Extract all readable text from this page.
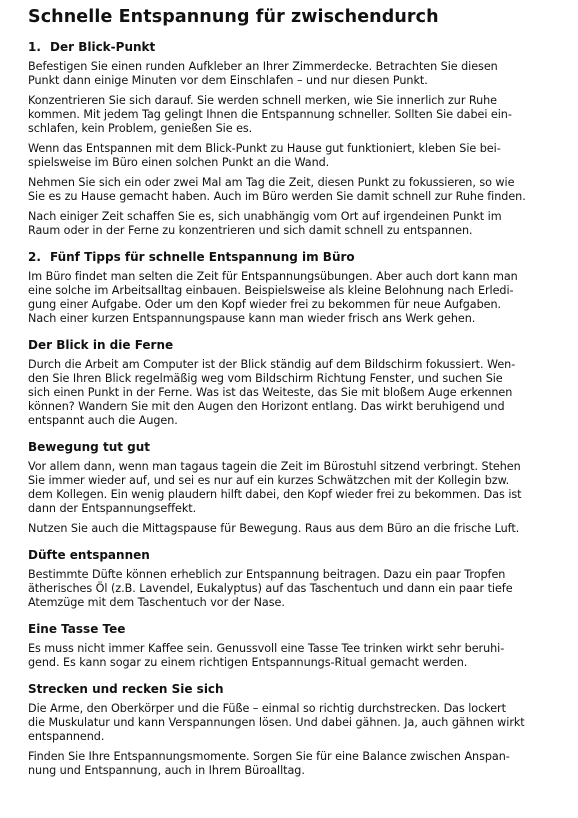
Schnelle Entspannung für zwischendurch
1. Der Blick-Punkt
Befestigen Sie einen runden Aufkleber an Ihrer Zimmerdecke. Betrachten Sie diesen
Punkt dann einige Minuten vor dem Einschlafen – und nur diesen Punkt.
Konzentrieren Sie sich darauf. Sie werden schnell merken, wie Sie innerlich zur Ruhe
kommen. Mit jedem Tag gelingt Ihnen die Entspannung schneller. Sollten Sie dabei ein-
schlafen, kein Problem, genießen Sie es.
Wenn das Entspannen mit dem Blick-Punkt zu Hause gut funktioniert, kleben Sie bei-
spielsweise im Büro einen solchen Punkt an die Wand.
Nehmen Sie sich ein oder zwei Mal am Tag die Zeit, diesen Punkt zu fokussieren, so wie
Sie es zu Hause gemacht haben. Auch im Büro werden Sie damit schnell zur Ruhe finden.
Nach einiger Zeit schaffen Sie es, sich unabhängig vom Ort auf irgendeinen Punkt im
Raum oder in der Ferne zu konzentrieren und sich damit schnell zu entspannen.
2. Fünf Tipps für schnelle Entspannung im Büro
Im Büro findet man selten die Zeit für Entspannungsübungen. Aber auch dort kann man
eine solche im Arbeitsalltag einbauen. Beispielsweise als kleine Belohnung nach Erledi-
gung einer Aufgabe. Oder um den Kopf wieder frei zu bekommen für neue Aufgaben.
Nach einer kurzen Entspannungspause kann man wieder frisch ans Werk gehen.
Der Blick in die Ferne
Durch die Arbeit am Computer ist der Blick ständig auf dem Bildschirm fokussiert. Wen-
den Sie Ihren Blick regelmäßig weg vom Bildschirm Richtung Fenster, und suchen Sie
sich einen Punkt in der Ferne. Was ist das Weiteste, das Sie mit bloßem Auge erkennen
können? Wandern Sie mit den Augen den Horizont entlang. Das wirkt beruhigend und
entspannt auch die Augen.
Bewegung tut gut
Vor allem dann, wenn man tagaus tagein die Zeit im Bürostuhl sitzend verbringt. Stehen
Sie immer wieder auf, und sei es nur auf ein kurzes Schwätzchen mit der Kollegin bzw.
dem Kollegen. Ein wenig plaudern hilft dabei, den Kopf wieder frei zu bekommen. Das ist
dann der Entspannungseffekt.
Nutzen Sie auch die Mittagspause für Bewegung. Raus aus dem Büro an die frische Luft.
Düfte entspannen
Bestimmte Düfte können erheblich zur Entspannung beitragen. Dazu ein paar Tropfen
ätherisches Öl (z.B. Lavendel, Eukalyptus) auf das Taschentuch und dann ein paar tiefe
Atemzüge mit dem Taschentuch vor der Nase.
Eine Tasse Tee
Es muss nicht immer Kaffee sein. Genussvoll eine Tasse Tee trinken wirkt sehr beruhi-
gend. Es kann sogar zu einem richtigen Entspannungs-Ritual gemacht werden.
Strecken und recken Sie sich
Die Arme, den Oberkörper und die Füße – einmal so richtig durchstrecken. Das lockert
die Muskulatur und kann Verspannungen lösen. Und dabei gähnen. Ja, auch gähnen wirkt
entspannend.
Finden Sie Ihre Entspannungsmomente. Sorgen Sie für eine Balance zwischen Anspan-
nung und Entspannung, auch in Ihrem Büroalltag.
